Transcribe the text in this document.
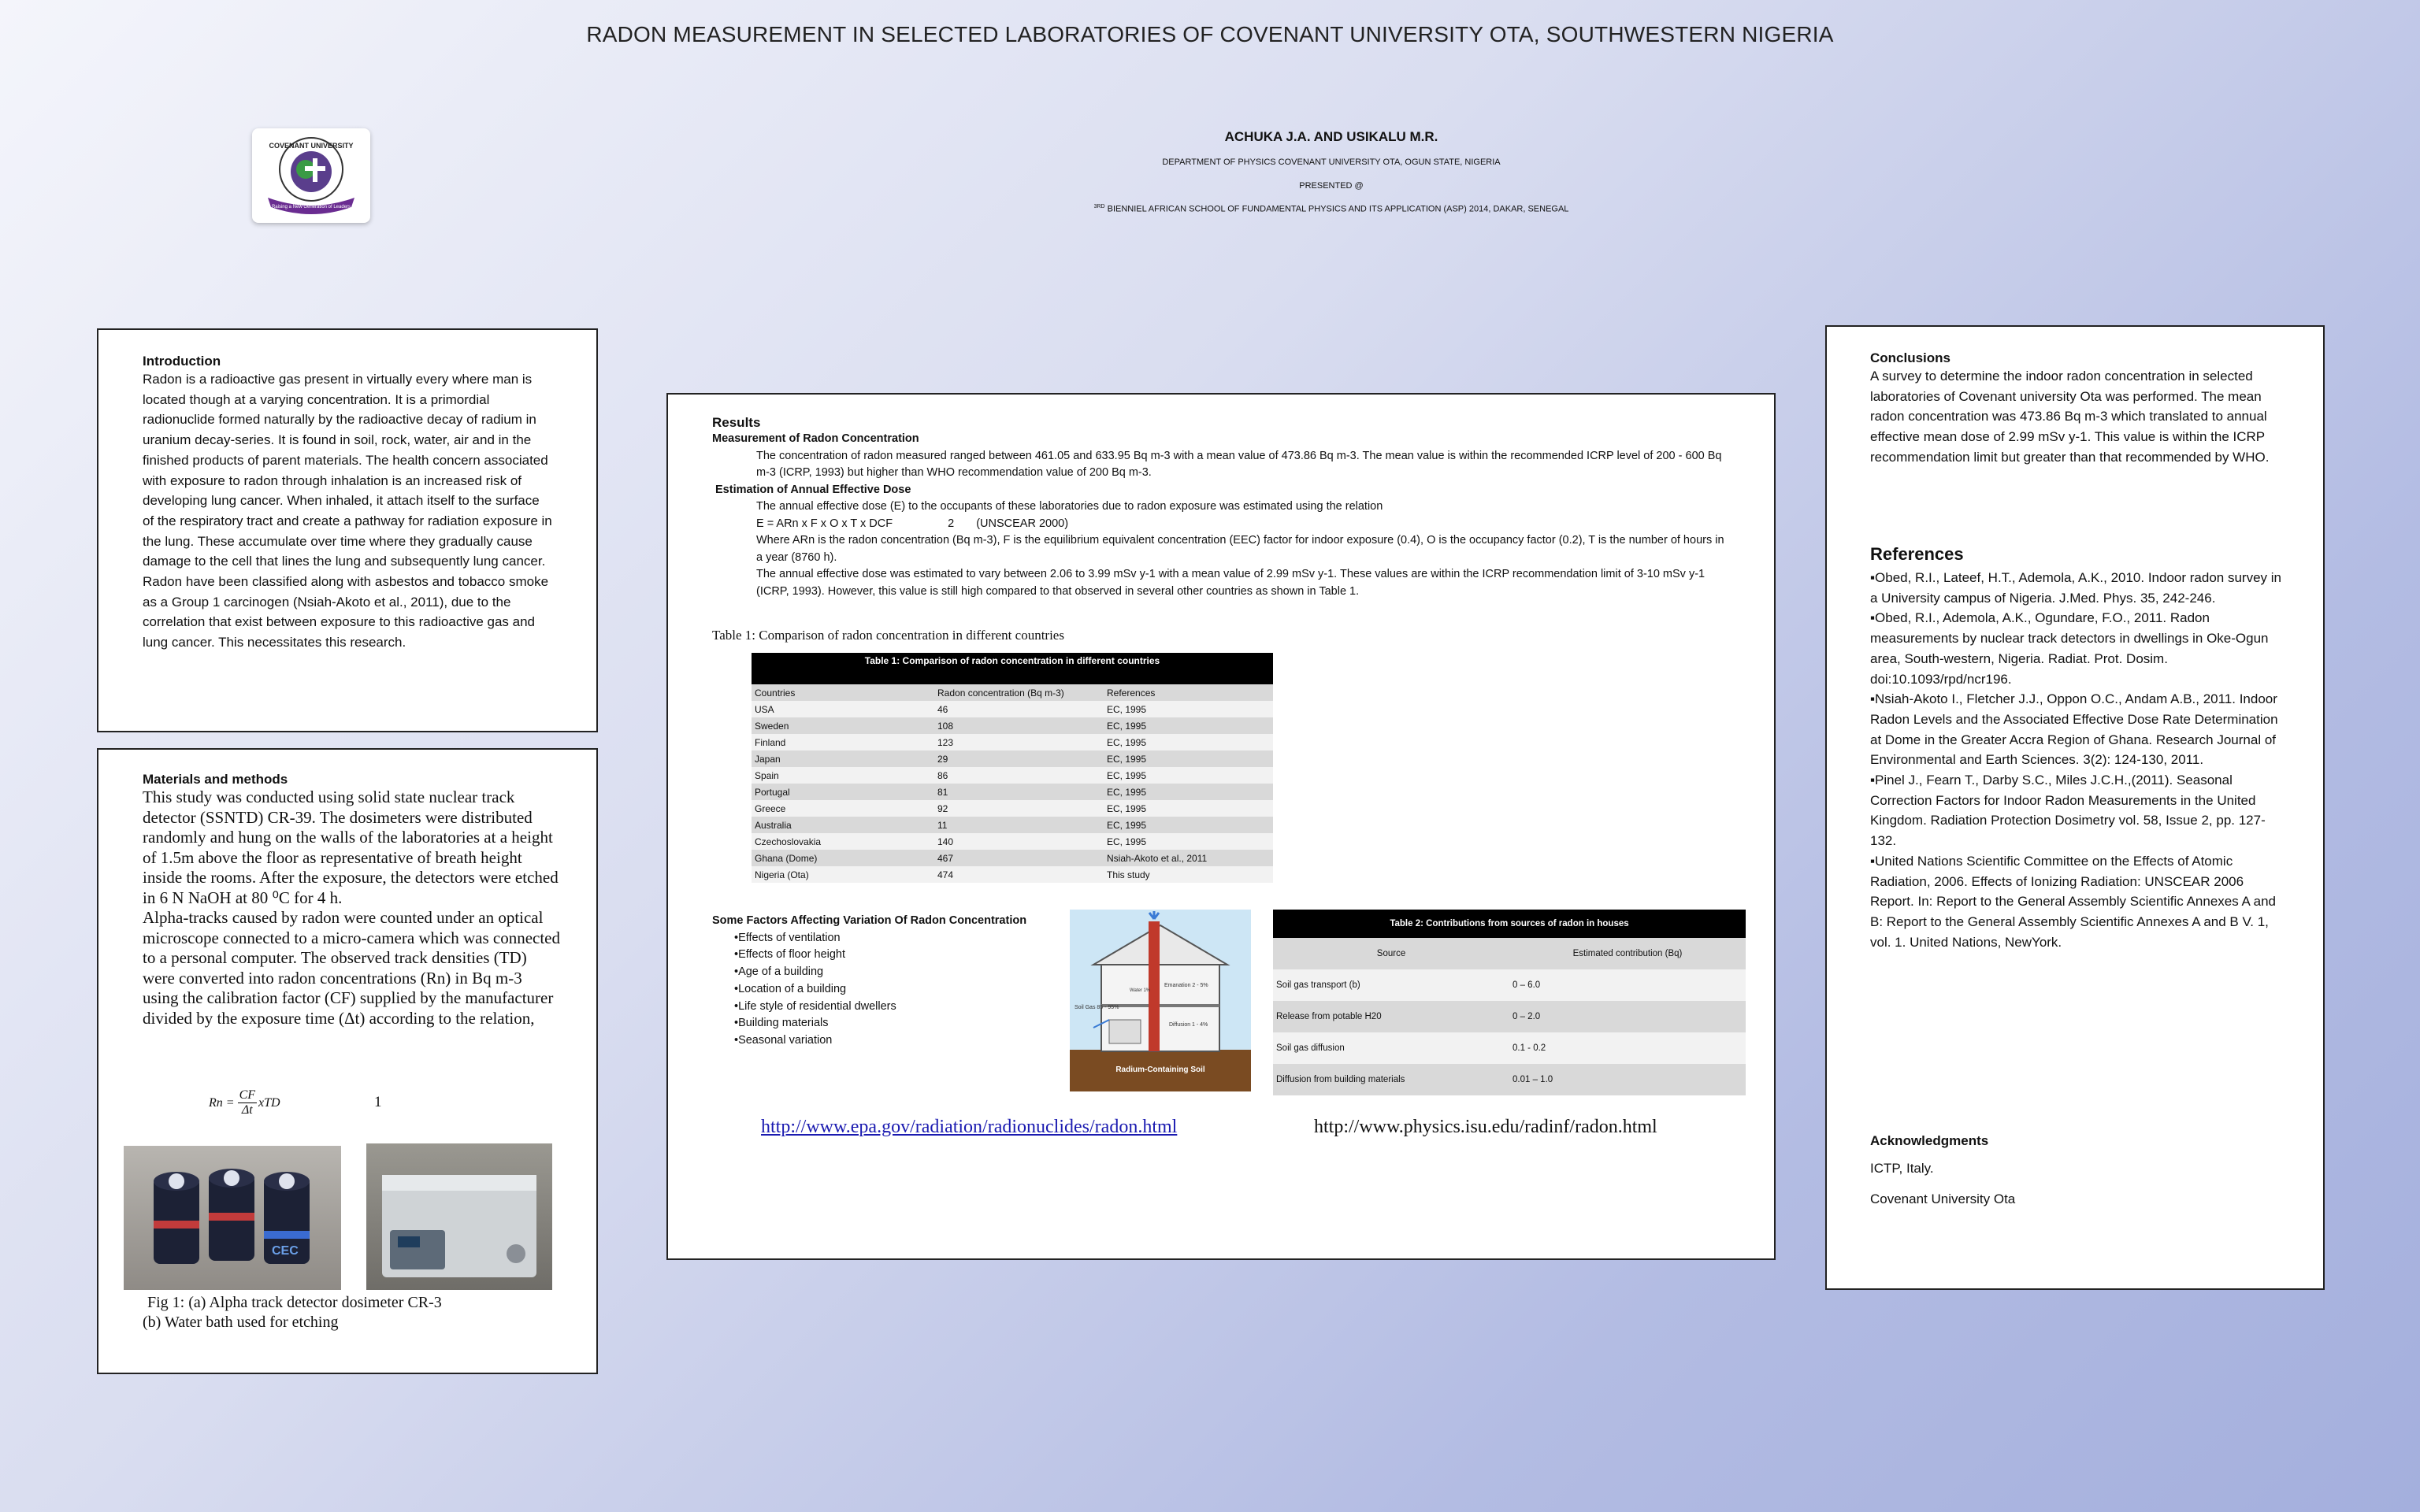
RADON MEASUREMENT IN SELECTED LABORATORIES OF COVENANT UNIVERSITY OTA, SOUTHWESTERN NIGERIA
COVENANT UNIVERSITY
Raising a New Generation of Leaders
ACHUKA J.A. AND USIKALU M.R.
DEPARTMENT OF PHYSICS COVENANT UNIVERSITY OTA, OGUN STATE, NIGERIA
PRESENTED @
$^{3RD}$ BIENNIEL AFRICAN SCHOOL OF FUNDAMENTAL PHYSICS AND ITS APPLICATION (ASP) 2014, DAKAR, SENEGAL
Introduction
Radon is a radioactive gas present in virtually every where man is located though at a varying concentration. It is a primordial radionuclide formed naturally by the radioactive decay of radium in uranium decay-series. It is found in soil, rock, water, air and in the finished products of parent materials. The health concern associated with exposure to radon through inhalation is an increased risk of developing lung cancer. When inhaled, it attach itself to the surface of the respiratory tract and create a pathway for radiation exposure in the lung. These accumulate over time where they gradually cause damage to the cell that lines the lung and subsequently lung cancer. Radon have been classified along with asbestos and tobacco smoke as a Group 1 carcinogen (Nsiah-Akoto et al., 2011), due to the correlation that exist between exposure to this radioactive gas and lung cancer. This necessitates this research.
Materials and methods
This study was conducted using solid state nuclear track detector (SSNTD) CR-39. The dosimeters were distributed randomly and hung on the walls of the laboratories at a height of 1.5m above the floor as representative of breath height inside the rooms. After the exposure, the detectors were etched in 6 N NaOH at 80 ⁰C for 4 h.
Alpha-tracks caused by radon were counted under an optical microscope connected to a micro-camera which was connected to a personal computer. The observed track densities (TD) were converted into radon concentrations (Rn) in Bq m-3 using the calibration factor (CF) supplied by the manufacturer divided by the exposure time (Δt) according to the relation,
$Rn = \frac{CF}{\Delta t}$ xTD	1
CEC
Fig 1: (a) Alpha track detector dosimeter CR-3
(b) Water bath used for etching
Results
Measurement of Radon Concentration
The concentration of radon measured ranged between 461.05 and 633.95 Bq m-3 with a mean value of 473.86 Bq m-3. The mean value is within the recommended ICRP level of 200 - 600 Bq m-3 (ICRP, 1993) but higher than WHO recommendation value of 200 Bq m-3.
Estimation of Annual Effective Dose
The annual effective dose (E) to the occupants of these laboratories due to radon exposure was estimated using the relation
E = ARn x F x O x T x DCF	2 (UNSCEAR 2000)
Where ARn is the radon concentration (Bq m-3), F is the equilibrium equivalent concentration (EEC) factor for indoor exposure (0.4), O is the occupancy factor (0.2), T is the number of hours in a year (8760 h).
The annual effective dose was estimated to vary between 2.06 to 3.99 mSv y-1 with a mean value of 2.99 mSv y-1. These values are within the ICRP recommendation limit of 3-10 mSv y-1 (ICRP, 1993). However, this value is still high compared to that observed in several other countries as shown in Table 1.
Table 1: Comparison of radon concentration in different countries
Table 1: Comparison of radon concentration in different countries
Countries	Radon concentration (Bq m-3)	References
USA	46	EC, 1995
Sweden	108	EC, 1995
Finland	123	EC, 1995
Japan	29	EC, 1995
Spain	86	EC, 1995
Portugal	81	EC, 1995
Greece	92	EC, 1995
Australia	11	EC, 1995
Czechoslovakia	140	EC, 1995
Ghana (Dome)	467	Nsiah-Akoto et al., 2011
Nigeria (Ota)	474	This study
Some Factors Affecting Variation Of Radon Concentration
•Effects of ventilation
•Effects of floor height
•Age of a building
•Location of a building
•Life style of residential dwellers
•Building materials
•Seasonal variation
Soil Gas 85 - 95%
Emanation 2 - 5%
Water 1%
Diffusion 1 - 4%
Radium-Containing Soil
Table 2: Contributions from sources of radon in houses
Source	Estimated contribution (Bq)
Soil gas transport (b)	0 – 6.0
Release from potable H20	0 – 2.0
Soil gas diffusion	0.1 - 0.2
Diffusion from building materials	0.01 – 1.0
http://www.epa.gov/radiation/radionuclides/radon.html	http://www.physics.isu.edu/radinf/radon.html
Conclusions
A survey to determine the indoor radon concentration in selected laboratories of Covenant university Ota was performed. The mean radon concentration was 473.86 Bq m-3 which translated to annual effective mean dose of 2.99 mSv y-1. This value is within the ICRP recommendation limit but greater than that recommended by WHO.
References
▪Obed, R.I., Lateef, H.T., Ademola, A.K., 2010. Indoor radon survey in a University campus of Nigeria. J.Med. Phys. 35, 242-246.
▪Obed, R.I., Ademola, A.K., Ogundare, F.O., 2011. Radon measurements by nuclear track detectors in dwellings in Oke-Ogun area, South-western, Nigeria. Radiat. Prot. Dosim. doi:10.1093/rpd/ncr196.
▪Nsiah-Akoto I., Fletcher J.J., Oppon O.C., Andam A.B., 2011. Indoor Radon Levels and the Associated Effective Dose Rate Determination at Dome in the Greater Accra Region of Ghana. Research Journal of Environmental and Earth Sciences. 3(2): 124-130, 2011.
▪Pinel J., Fearn T., Darby S.C., Miles J.C.H.,(2011). Seasonal Correction Factors for Indoor Radon Measurements in the United Kingdom. Radiation Protection Dosimetry vol. 58, Issue 2, pp. 127-132.
▪United Nations Scientific Committee on the Effects of Atomic Radiation, 2006. Effects of Ionizing Radiation: UNSCEAR 2006 Report. In: Report to the General Assembly Scientific Annexes A and B: Report to the General Assembly Scientific Annexes A and B V. 1, vol. 1. United Nations, NewYork.
Acknowledgments
ICTP, Italy.
Covenant University Ota
